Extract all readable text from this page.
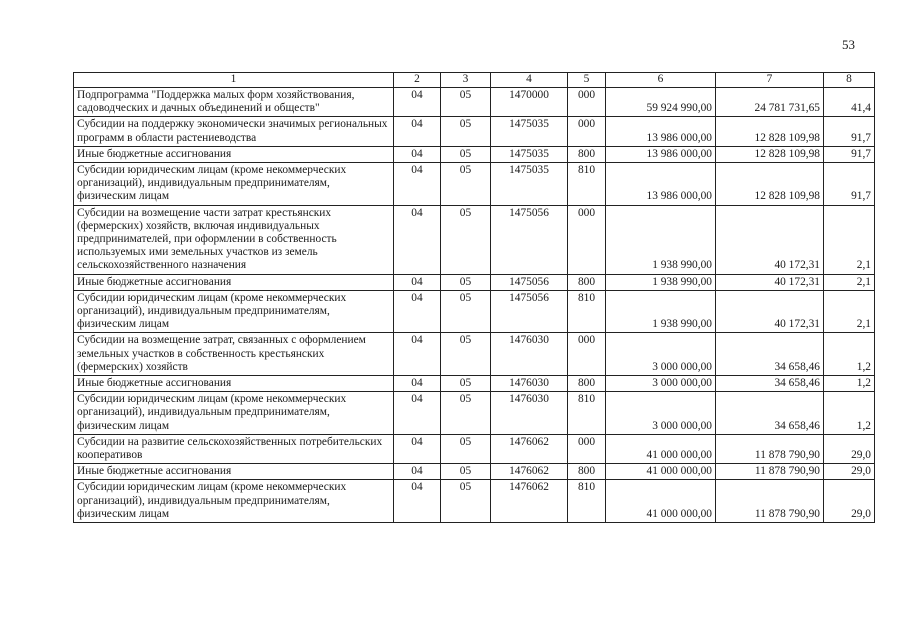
53
1	2	3	4	5	6	7	8
Подпрограмма "Поддержка малых форм хозяйствования, садоводческих и дачных объединений и обществ"	04	05	1470000	000	59 924 990,00	24 781 731,65	41,4
Субсидии на поддержку экономически значимых региональных программ в области растениеводства	04	05	1475035	000	13 986 000,00	12 828 109,98	91,7
Иные бюджетные ассигнования	04	05	1475035	800	13 986 000,00	12 828 109,98	91,7
Субсидии юридическим лицам (кроме некоммерческих организаций), индивидуальным предпринимателям, физическим лицам	04	05	1475035	810	13 986 000,00	12 828 109,98	91,7
Субсидии на возмещение части затрат крестьянских (фермерских) хозяйств, включая индивидуальных предпринимателей, при оформлении в собственность используемых ими земельных участков из земель сельскохозяйственного назначения	04	05	1475056	000	1 938 990,00	40 172,31	2,1
Иные бюджетные ассигнования	04	05	1475056	800	1 938 990,00	40 172,31	2,1
Субсидии юридическим лицам (кроме некоммерческих организаций), индивидуальным предпринимателям, физическим лицам	04	05	1475056	810	1 938 990,00	40 172,31	2,1
Субсидии на возмещение затрат, связанных с оформлением земельных участков в собственность крестьянских (фермерских) хозяйств	04	05	1476030	000	3 000 000,00	34 658,46	1,2
Иные бюджетные ассигнования	04	05	1476030	800	3 000 000,00	34 658,46	1,2
Субсидии юридическим лицам (кроме некоммерческих организаций), индивидуальным предпринимателям, физическим лицам	04	05	1476030	810	3 000 000,00	34 658,46	1,2
Субсидии на развитие сельскохозяйственных потребительских кооперативов	04	05	1476062	000	41 000 000,00	11 878 790,90	29,0
Иные бюджетные ассигнования	04	05	1476062	800	41 000 000,00	11 878 790,90	29,0
Субсидии юридическим лицам (кроме некоммерческих организаций), индивидуальным предпринимателям, физическим лицам	04	05	1476062	810	41 000 000,00	11 878 790,90	29,0
